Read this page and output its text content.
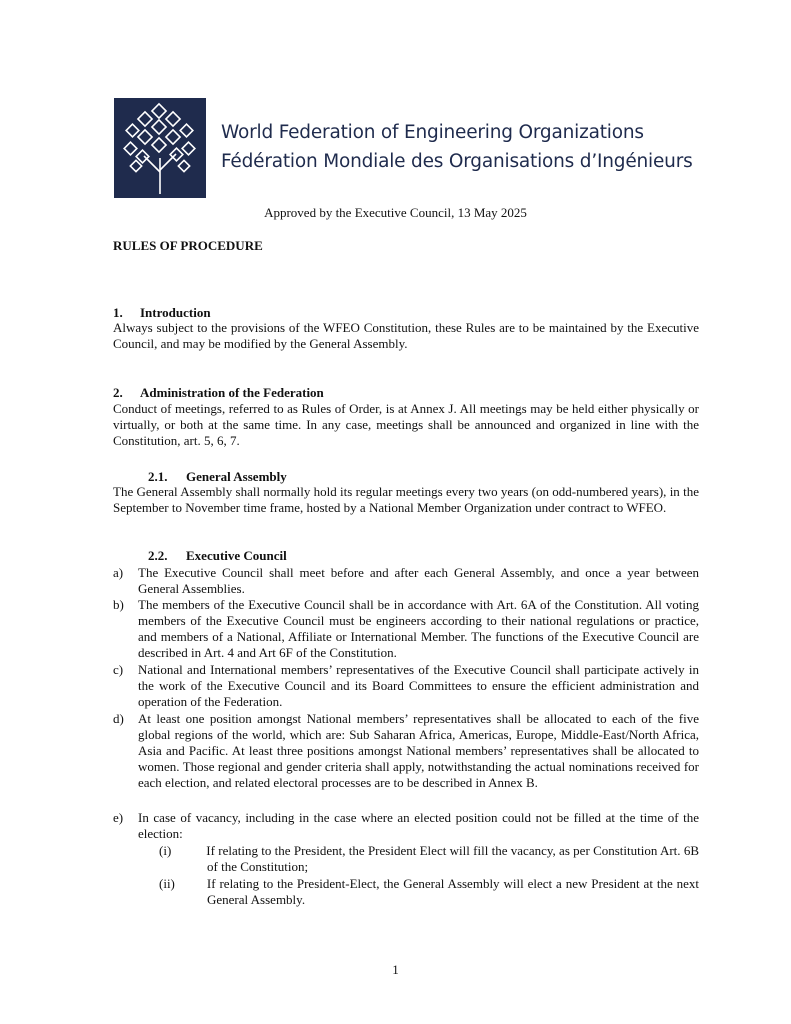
World Federation of Engineering Organizations
Fédération Mondiale des Organisations d’Ingénieurs
Approved by the Executive Council, 13 May 2025
RULES OF PROCEDURE
1. Introduction
Always subject to the provisions of the WFEO Constitution, these Rules are to be maintained by the Executive Council, and may be modified by the General Assembly.
2. Administration of the Federation
Conduct of meetings, referred to as Rules of Order, is at Annex J. All meetings may be held either physically or virtually, or both at the same time. In any case, meetings shall be announced and organized in line with the Constitution, art. 5, 6, 7.
2.1. General Assembly
The General Assembly shall normally hold its regular meetings every two years (on odd-numbered years), in the September to November time frame, hosted by a National Member Organization under contract to WFEO.
2.2. Executive Council
a)	The Executive Council shall meet before and after each General Assembly, and once a year between General Assemblies.
b)	The members of the Executive Council shall be in accordance with Art. 6A of the Constitution. All voting members of the Executive Council must be engineers according to their national regulations or practice, and members of a National, Affiliate or International Member. The functions of the Executive Council are described in Art. 4 and Art 6F of the Constitution.
c)	National and International members’ representatives of the Executive Council shall participate actively in the work of the Executive Council and its Board Committees to ensure the efficient administration and operation of the Federation.
d)	At least one position amongst National members’ representatives shall be allocated to each of the five global regions of the world, which are: Sub Saharan Africa, Americas, Europe, Middle-East/North Africa, Asia and Pacific. At least three positions amongst National members’ representatives shall be allocated to women. Those regional and gender criteria shall apply, notwithstanding the actual nominations received for each election, and related electoral processes are to be described in Annex B.
e)	In case of vacancy, including in the case where an elected position could not be filled at the time of the election:
(i)	If relating to the President, the President Elect will fill the vacancy, as per Constitution Art. 6B of the Constitution;
(ii) If relating to the President-Elect, the General Assembly will elect a new President at the next General Assembly.
1
